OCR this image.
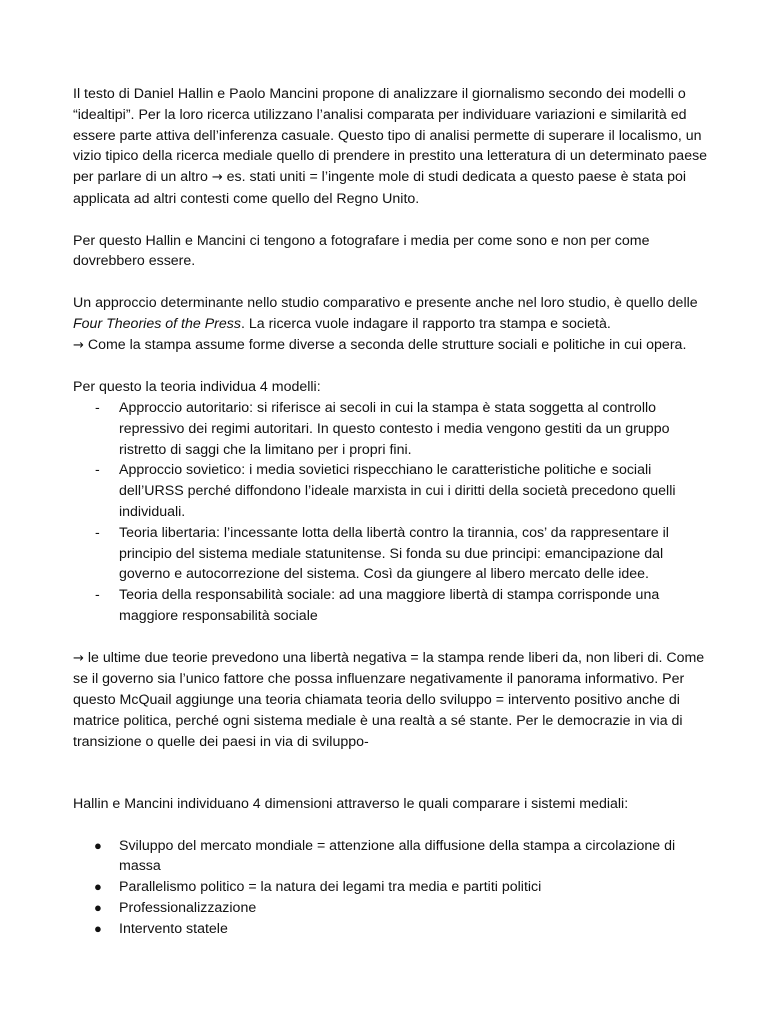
Il testo di Daniel Hallin e Paolo Mancini propone di analizzare il giornalismo secondo dei modelli o “idealtipi”. Per la loro ricerca utilizzano l’analisi comparata per individuare variazioni e similarità ed essere parte attiva dell’inferenza casuale. Questo tipo di analisi permette di superare il localismo, un vizio tipico della ricerca mediale quello di prendere in prestito una letteratura di un determinato paese per parlare di un altro → es. stati uniti = l’ingente mole di studi dedicata a questo paese è stata poi applicata ad altri contesti come quello del Regno Unito.

Per questo Hallin e Mancini ci tengono a fotografare i media per come sono e non per come dovrebbero essere.

Un approccio determinante nello studio comparativo e presente anche nel loro studio, è quello delle Four Theories of the Press. La ricerca vuole indagare il rapporto tra stampa e società.

→ Come la stampa assume forme diverse a seconda delle strutture sociali e politiche in cui opera.

Per questo la teoria individua 4 modelli:

- Approccio autoritario: si riferisce ai secoli in cui la stampa è stata soggetta al controllo repressivo dei regimi autoritari. In questo contesto i media vengono gestiti da un gruppo ristretto di saggi che la limitano per i propri fini.
- Approccio sovietico: i media sovietici rispecchiano le caratteristiche politiche e sociali dell’URSS perché diffondono l’ideale marxista in cui i diritti della società precedono quelli individuali.
- Teoria libertaria: l’incessante lotta della libertà contro la tirannia, cos’ da rappresentare il principio del sistema mediale statunitense. Si fonda su due principi: emancipazione dal governo e autocorrezione del sistema. Così da giungere al libero mercato delle idee.
- Teoria della responsabilità sociale: ad una maggiore libertà di stampa corrisponde una maggiore responsabilità sociale

→ le ultime due teorie prevedono una libertà negativa = la stampa rende liberi da, non liberi di. Come se il governo sia l’unico fattore che possa influenzare negativamente il panorama informativo. Per questo McQuail aggiunge una teoria chiamata teoria dello sviluppo = intervento positivo anche di matrice politica, perché ogni sistema mediale è una realtà a sé stante. Per le democrazie in via di transizione o quelle dei paesi in via di sviluppo-

Hallin e Mancini individuano 4 dimensioni attraverso le quali comparare i sistemi mediali:

● Sviluppo del mercato mondiale = attenzione alla diffusione della stampa a circolazione di massa
● Parallelismo politico = la natura dei legami tra media e partiti politici
● Professionalizzazione
● Intervento statele
